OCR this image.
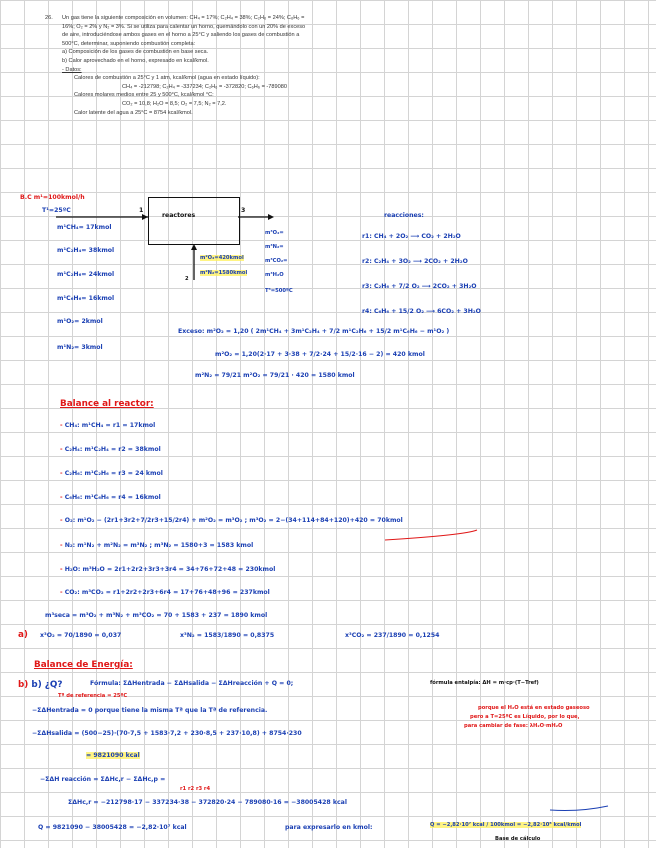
26. Un gas tiene la siguiente composición en volumen: CH₄ = 17%; C₂H₄ = 38%; C₂H₆ = 24%; C₆H₆ =
16%; O₂ = 2% y N₂ = 3%. Si se utiliza para calentar un horno, quemándolo con un 20% de exceso
de aire, introduciéndose ambos gases en el horno a 25°C y saliendo los gases de combustión a
500°C, determinar, suponiendo combustión completa:
a) Composición de los gases de combustión en base seca.
b) Calor aprovechado en el horno, expresado en kcal/kmol.
- Datos:
Calores de combustión a 25°C y 1 atm, kcal/kmol (agua en estado líquido):
CH₄ = -212798; C₂H₄ = -337234; C₂H₆ = -372820; C₆H₆ = -789080
Calores molares medios entre 25 y 500°C, kcal/kmol °C:
CO₂ = 10,8; H₂O = 8,5; O₂ = 7,5; N₂ = 7,2.
Calor latente del agua a 25°C = 8754 kcal/kmol.
B.C m¹=100kmol/h
T¹=25ºC
m¹CH₄= 17kmol
m¹C₂H₄= 38kmol
m¹C₂H₆= 24kmol
m¹C₆H₆= 16kmol
m¹O₂= 2kmol
m¹N₂= 3kmol
reactores
1	3
2
m²O₂=420kmol
m²N₂=1580kmol
m³O₂=
m³N₂=
m³CO₂=
m³H₂O
T³=500ºC
reacciones:
r1: CH₄ + 2O₂ ⟶ CO₂ + 2H₂O
r2: C₂H₄ + 3O₂ ⟶ 2CO₂ + 2H₂O
r3: C₂H₆ + 7/2 O₂ ⟶ 2CO₂ + 3H₂O
r4: C₆H₆ + 15/2 O₂ ⟶ 6CO₂ + 3H₂O
Exceso: m²O₂ = 1,20 ( 2m¹CH₄ + 3m¹C₂H₄ + 7/2 m¹C₂H₆ + 15/2 m¹C₆H₆ − m¹O₂ )
m²O₂ = 1,20(2·17 + 3·38 + 7/2·24 + 15/2·16 − 2) = 420 kmol
m²N₂ = 79/21 m²O₂ = 79/21 · 420 = 1580 kmol
Balance al reactor:
- CH₄: m¹CH₄ = r1 = 17kmol
- C₂H₄: m¹C₂H₄ = r2 = 38kmol
- C₂H₆: m¹C₂H₆ = r3 = 24 kmol
- C₆H₆: m¹C₆H₆ = r4 = 16kmol
- O₂: m¹O₂ − (2r1+3r2+7/2r3+15/2r4) + m²O₂ = m³O₂ ; m³O₂ = 2−(34+114+84+120)+420 = 70kmol
- N₂: m¹N₂ + m²N₂ = m³N₂ ; m³N₂ = 1580+3 = 1583 kmol
- H₂O: m³H₂O = 2r1+2r2+3r3+3r4 = 34+76+72+48 = 230kmol
- CO₂: m³CO₂ = r1+2r2+2r3+6r4 = 17+76+48+96 = 237kmol
m³seca = m³O₂ + m³N₂ + m³CO₂ = 70 + 1583 + 237 = 1890 kmol
a) x³O₂ = 70/1890 = 0,037	x³N₂ = 1583/1890 = 0,8375	x³CO₂ = 237/1890 = 0,1254
Balance de Energía:
b) b) ¿Q?	Fórmula: ΣΔHentrada − ΣΔHsalida − ΣΔHreacción + Q = 0;	fórmula entalpía: ΔH = m·cp·(T−Tref)
Tª de referencia = 25ºC
−ΣΔHentrada = 0 porque tiene la misma Tª que la Tª de referencia.
−ΣΔHsalida = (500−25)·(70·7,5 + 1583·7,2 + 230·8,5 + 237·10,8) + 8754·230
= 9821090 kcal
porque el H₂O está en estado gaseoso
pero a T=25ºC es Líquido, por lo que,
para cambiar de fase: λH₂O·mH₂O
−ΣΔH reacción = ΣΔHc,r − ΣΔHc,p =
r1 r2 r3 r4
ΣΔHc,r = −212798·17 − 337234·38 − 372820·24 − 789080·16 = −38005428 kcal
Q = 9821090 − 38005428 = −2,82·10⁷ kcal	para expresarlo en kmol:	Q = −2,82·10⁷ kcal / 100kmol = −2,82·10⁵ kcal/kmol
Base de cálculo
